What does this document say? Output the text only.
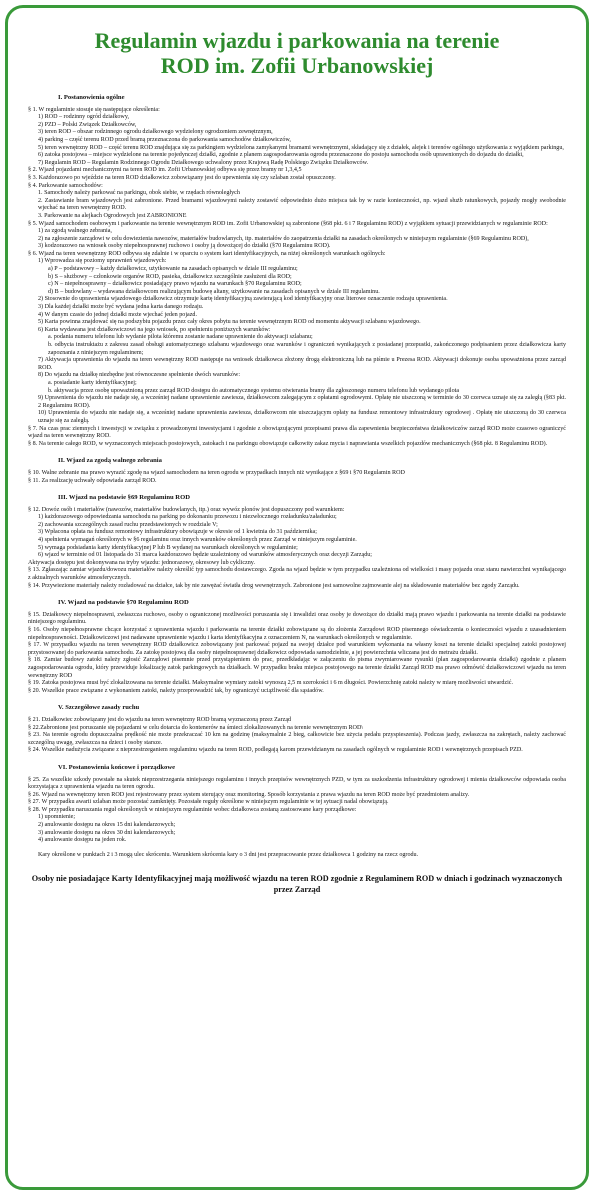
Regulamin wjazdu i parkowania na terenie
ROD im. Zofii Urbanowskiej
I. Postanowienia ogólne
§ 1. W regulaminie stosuje się następujące określenia:
1) ROD – rodzinny ogród działkowy,
2) PZD – Polski Związek Działkowców,
3) teren ROD – obszar rodzinnego ogrodu działkowego wydzielony ogrodzeniem zewnętrznym,
4) parking – część terenu ROD przed bramą przeznaczona do parkowania samochodów działkowiczów,
5) teren wewnętrzny ROD – część terenu ROD znajdująca się za parkingiem wydzielona zamykanymi bramami wewnętrznymi, składający się z działek, alejek i terenów ogólnego użytkowania z wyjątkiem parkingu,
6) zatoka postojowa – miejsce wydzielone na terenie pojedynczej działki, zgodnie z planem zagospodarowania ogrodu przeznaczone do postoju samochodu osób uprawnionych do dojazdu do działki,
7) Regulamin ROD – Regulamin Rodzinnego Ogrodu Działkowego uchwalony przez Krajową Radę Polskiego Związku Działkowców.
§ 2. Wjazd pojazdami mechanicznymi na teren ROD im. Zofii Urbanowskiej odbywa się przez bramy nr 1,3,4,5
§ 3. Każdorazowo po wjeździe na teren ROD działkowicz zobowiązany jest do upewnienia się czy szlaban został opuszczony.
§ 4. Parkowanie samochodów:
1. Samochody należy parkować na parkingu, obok siebie, w rzędach równoległych
2. Zastawianie bram wjazdowych jest zabronione. Przed bramami wjazdowymi należy zostawić odpowiednio dużo miejsca tak by w razie konieczności, np. wjazd służb ratunkowych, pojazdy mogły swobodnie wjechać na teren wewnętrzny ROD.
3. Parkowanie na alejkach Ogrodowych jest ZABRONIONE
§ 5. Wjazd samochodem osobowym i parkowanie na terenie wewnętrznym ROD im. Zofii Urbanowskiej są zabronione (§68 pkt. 6 i 7 Regulaminu ROD) z wyjątkiem sytuacji przewidzianych w regulaminie ROD:
1) za zgodą walnego zebrania,
2) na zgłoszenie zarządowi w celu dowiezienia nawozów, materiałów budowlanych, itp. materiałów do zaopatrzenia działki na zasadach określonych w niniejszym regulaminie (§69 Regulaminu ROD),
3) kodzorazowo na wniosek osoby niepełnosprawnej ruchowo i osoby ją dowożącej do działki (§70 Regulaminu ROD).
§ 6. Wjazd na teren wewnętrzny ROD odbywa się zdalnie i w oparciu o system kart identyfikacyjnych, na niżej określonych warunkach ogólnych:
1) Wprowadza się poziomy uprawnień wjazdowych:
a) P – podstawowy – każdy działkowicz, użytkowanie na zasadach opisanych w dziale III regulaminu;
b) S – służbowy – członkowie organów ROD, pasieka, działkowicz szczególnie zasłużeni dla ROD;
c) N – niepełnosprawny – działkowicz posiadający prawo wjazdu na warunkach §70 Regulaminu ROD;
d) B – budowlany – wydawana działkowcom realizującym budowę altany, użytkowanie na zasadach opisanych w dziale III regulaminu.
2) Stosownie do uprawnienia wjazdowego działkowicz otrzymuje kartę identyfikacyjną zawierającą kod identyfikacyjny oraz literowe oznaczenie rodzaju uprawnienia.
3) Dla każdej działki może być wydana jedna karta danego rodzaju.
4) W danym czasie do jednej działki może wjechać jeden pojazd.
5) Karta powinna znajdować się na podszybiu pojazdu przez cały okres pobytu na terenie wewnętrznym ROD od momentu aktywacji szlabanu wjazdowego.
6) Karta wydawana jest działkowiczowi na jego wniosek, po spełnieniu poniższych warunków:
a. podania numeru telefonu lub wydanie pilota któremu zostanie nadane uprawnienie do aktywacji szlabanu;
b. odbycia instruktażu z zakresu zasad obsługi automatycznego szlabanu wjazdowego oraz warunków i ograniczeń wynikających z posiadanej przepustki, zakończonego podpisaniem przez działkowicza karty zapoznania z niniejszym regulaminem;
7) Aktywacja uprawnienia do wjazdu na teren wewnętrzny ROD następuje na wniosek działkowca złożony drogą elektroniczną lub na piśmie u Prezesa ROD. Aktywacji dokonuje osoba upoważniona przez zarząd ROD.
8) Do wjazdu na działkę niezbędne jest równoczesne spełnienie dwóch warunków:
a. posiadanie karty identyfikacyjnej;
b. aktywacja przez osobę upoważnioną przez zarząd ROD dostępu do automatycznego systemu otwierania bramy dla zgłoszonego numeru telefonu lub wydanego pilota
9) Uprawnienia do wjazdu nie nadaje się, a wcześniej nadane uprawnienie zawiesza, działkowcom zalegającym z opłatami ogrodowymi. Opłatę nie uiszczoną w terminie do 30 czerwca uznaje się za zaległą (§83 pkt. 2 Regulaminu ROD).
10) Uprawnienia do wjazdu nie nadaje się, a wcześniej nadane uprawnienia zawiesza, działkowcom nie uiszczającym opłaty na fundusz remontowy infrastruktury ogrodowej . Opłatę nie uiszczoną do 30 czerwca uznaje się za zaległą.
§ 7. Na czas prac ziemnych i inwestycji w związku z prowadzonymi inwestycjami i zgodnie z obowiązującymi przepisami prawa dla zapewnienia bezpieczeństwa działkowiczów zarząd ROD może czasowo ograniczyć wjazd na teren wewnętrzny ROD.
§ 8. Na terenie całego ROD, w wyznaczonych miejscach postojowych, zatokach i na parkingu obowiązuje całkowity zakaz mycia i naprawiania wszelkich pojazdów mechanicznych (§68 pkt. 8 Regulaminu ROD).
II. Wjazd za zgodą walnego zebrania
§ 10. Walne zebranie ma prawo wyrazić zgodę na wjazd samochodem na teren ogrodu w przypadkach innych niż wynikające z §69 i §70 Regulamin ROD
§ 11. Za realizację uchwały odpowiada zarząd ROD.
III. Wjazd na podstawie §69 Regulaminu ROD
§ 12. Dowóz osób i materiałów (nawozów, materiałów budowlanych, itp.) oraz wywóz plonów jest dopuszczony pod warunkiem:
1) każdorazowego odpowiedzania samochodu na parking po dokonaniu przewozu i niezwłocznego rozładunku/załadunku;
2) zachowania szczególnych zasad ruchu przedstawionych w rozdziale V;
3) Wpłacona opłata na fundusz remontowy infrastruktury obowiązuje w okresie od 1 kwietnia do 31 października;
4) spełnienia wymagań określonych w §6 regulaminu oraz innych warunków określonych przez Zarząd w niniejszym regulaminie.
5) wymaga podsiadania karty identyfikacyjnej P lub B wydanej na warunkach określonych w regulaminie;
6) wjazd w terminie od 01 listopada do 31 marca każdorazowo będzie uzależniony od warunków atmosferycznych oraz decyzji Zarządu;
Aktywacja dostępu jest dokonywana na tryby wjazdu: jednorazowy, okresowy lub cykliczny.
§ 13. Zgłaszając zamiar wjazdu/dowozu materiałów należy określić typ samochodu dostawczego. Zgoda na wjazd będzie w tym przypadku uzależniona od wielkości i masy pojazdu oraz stanu nawierzchni wynikającego z aktualnych warunków atmosferycznych.
§ 14. Przywiezione materiały należy rozładować na działce, tak by nie zawężać światła drog wewnętrznych. Zabronione jest samowolne zajmowanie alej na składowanie materiałów bez zgody Zarządu.
IV. Wjazd na podstawie §70 Regulaminu ROD
§ 15. Działkowcy niepełnosprawni, zwłaszcza ruchowo, osoby o ograniczonej możliwości poruszania się i inwalidzi oraz osoby je dowożące do działki mają prawo wjazdu i parkowania na terenie działki na podstawie niniejszego regulaminu.
§ 16. Osoby niepełnosprawne chcące korzystać z uprawnienia wjazdu i parkowania na terenie działki zobowiązane są do złożenia Zarządowi ROD pisemnego oświadczenia o konieczności wjazdu z uzasadnieniem niepełnosprawności. Działkowiczowi jest nadawane uprawnienie wjazdu i karta identyfikacyjna z oznaczeniem N, na warunkach określonych w regulaminie.
§ 17. W przypadku wjazdu na teren wewnętrzny ROD działkowicz zobowiązany jest parkować pojazd na swojej działce pod warunkiem wykonania na własny koszt na terenie działki specjalnej zatoki postojowej przystosowanej do parkowania samochodu. Za zatokę postojową dla osoby niepełnosprawnej działkowicz odpowiada samodzielnie, a jej powierzchnia wliczana jest do metrażu działki.
§ 18. Zamiar budowy zatoki należy zgłosić Zarządowi pisemnie przed przystąpieniem do prac, przedkładając w załączeniu do pisma zwymiarowane rysunki (plan zagospodarowania działki) zgodnie z planem zagospodarowania ogrodu, który przewiduje lokalizację zatok parkingowych na działkach. W przypadku braku miejsca postojowego na terenie działki Zarząd ROD ma prawo odmówić działkowiczowi wjazdu na teren wewnętrzny ROD
§ 19. Zatoka postojowa musi być zlokalizowana na terenie działki. Maksymalne wymiary zatoki wynoszą 2,5 m szerokości i 6 m długości. Powierzchnię zatoki należy w miarę możliwości utwardzić.
§ 20. Wszelkie prace związane z wykonaniem zatoki, należy przeprowadzić tak, by ograniczyć uciążliwość dla sąsiadów.
V. Szczegółowe zasady ruchu
§ 21. Działkowiec zobowiązany jest do wjazdu na teren wewnętrzny ROD bramą wyznaczoną przez Zarząd
§ 22.Zabronione jest poruszanie się pojazdami w celu dotarcia do kontenerów na śmieci zlokalizowanych na terenie wewnętrznym ROD\
§ 23. Na terenie ogrodu dopuszczalna prędkość nie może przekraczać 10 km na godzinę (maksymalnie 2 bieg, całkowicie bez użycia pedału przyspieszenia). Podczas jazdy, zwłaszcza na zakrętach, należy zachować szczególną uwagę, zwłaszcza na dzieci i osoby starsze.
§ 24. Wszelkie nadużycia związane z nieprzestrzeganiem regulaminu wjazdu na teren ROD, podlegają karom przewidzianym na zasadach ogólnych w regulaminie ROD i wewnętrznych przepisach PZD.
VI. Postanowienia końcowe i porządkowe
§ 25. Za wszelkie szkody powstałe na skutek nieprzestrzegania niniejszego regulaminu i innych przepisów wewnętrznych PZD, w tym za uszkodzenia infrastruktury ogrodowej i mienia działkowców odpowiada osoba korzystająca z uprawnienia wjazdu na teren ogrodu.
§ 26. Wjazd na wewnętrzny teren ROD jest rejestrowany przez system sterujący oraz monitoring. Sposób korzystania z prawa wjazdu na teren ROD może być przedmiotem analizy.
§ 27. W przypadku awarii szlaban może pozostać zamknięty. Pozostałe reguły określone w niniejszym regulaminie w tej sytuacji nadal obowiązują.
§ 28. W przypadku naruszania reguł określonych w niniejszym regulaminie wobec działkowca zostaną zastosowane kary porządkowe:
1) upomnienie;
2) anulowanie dostępu na okres 15 dni kalendarzowych;
3) anulowanie dostępu na okres 30 dni kalendarzowych;
4) anulowanie dostępu na jeden rok.
Kary określone w punktach 2 i 3 mogą ulec skróceniu. Warunkiem skrócenia kary o 3 dni jest przepracowanie przez działkowca 1 godziny na rzecz ogrodu.
Osoby nie posiadające Karty Identyfikacyjnej mają możliwość wjazdu na teren ROD zgodnie z Regulaminem ROD w dniach i godzinach wyznaczonych przez Zarząd
